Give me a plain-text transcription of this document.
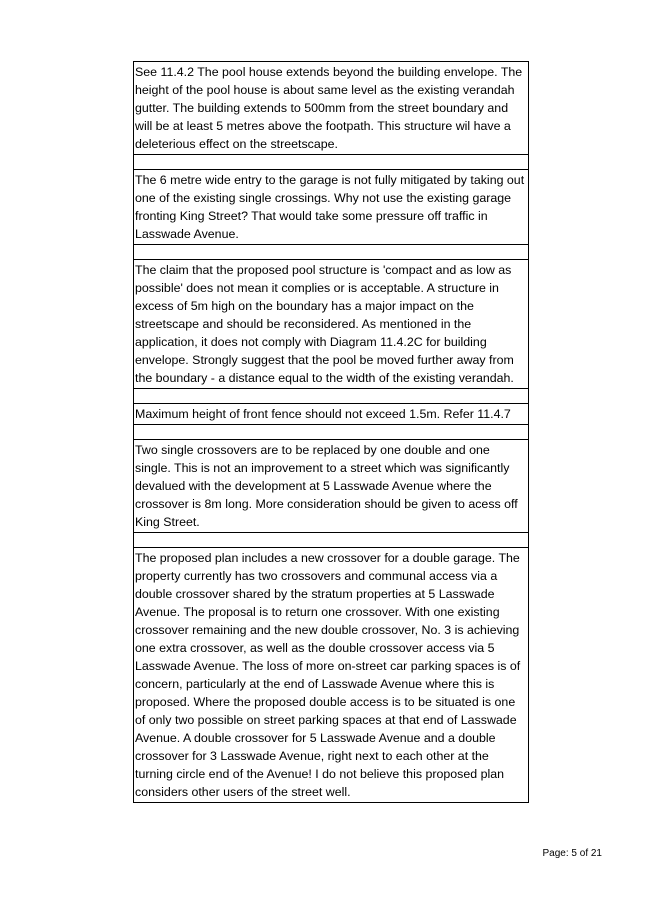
See 11.4.2 The pool house extends beyond the building envelope. The height of the pool house is about same level as the existing verandah gutter. The building extends to 500mm from the street boundary and will be at least 5 metres above the footpath. This structure wil have a deleterious effect on the streetscape.

The 6 metre wide entry to the garage is not fully mitigated by taking out one of the existing single crossings. Why not use the existing garage fronting King Street? That would take some pressure off traffic in Lasswade Avenue.

The claim that the proposed pool structure is 'compact and as low as possible' does not mean it complies or is acceptable. A structure in excess of 5m high on the boundary has a major impact on the streetscape and should be reconsidered. As mentioned in the application, it does not comply with Diagram 11.4.2C for building envelope. Strongly suggest that the pool be moved further away from the boundary - a distance equal to the width of the existing verandah.

Maximum height of front fence should not exceed 1.5m. Refer 11.4.7

Two single crossovers are to be replaced by one double and one single. This is not an improvement to a street which was significantly devalued with the development at 5 Lasswade Avenue where the crossover is 8m long. More consideration should be given to acess off King Street.

The proposed plan includes a new crossover for a double garage. The property currently has two crossovers and communal access via a double crossover shared by the stratum properties at 5 Lasswade Avenue. The proposal is to return one crossover. With one existing crossover remaining and the new double crossover, No. 3 is achieving one extra crossover, as well as the double crossover access via 5 Lasswade Avenue. The loss of more on-street car parking spaces is of concern, particularly at the end of Lasswade Avenue where this is proposed. Where the proposed double access is to be situated is one of only two possible on street parking spaces at that end of Lasswade Avenue. A double crossover for 5 Lasswade Avenue and a double crossover for 3 Lasswade Avenue, right next to each other at the turning circle end of the Avenue! I do not believe this proposed plan considers other users of the street well.
Page: 5 of 21
